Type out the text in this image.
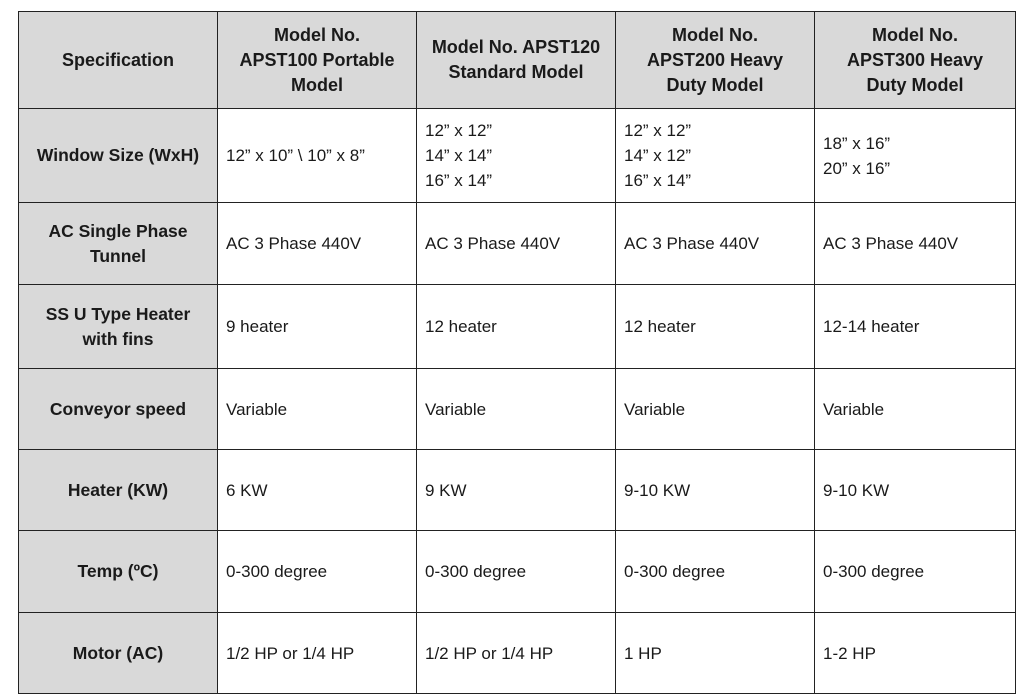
Specification	Model No.
APST100 Portable
Model	Model No. APST120
Standard Model	Model No.
APST200 Heavy
Duty Model	Model No.
APST300 Heavy
Duty Model

Window Size (WxH)	12” x 10” \ 10” x 8”	12” x 12”
14” x 14”
16” x 14”	12” x 12”
14” x 12”
16” x 14”	18” x 16”
20” x 16”

AC Single Phase
Tunnel	AC 3 Phase 440V	AC 3 Phase 440V	AC 3 Phase 440V	AC 3 Phase 440V

SS U Type Heater
with fins	9 heater	12 heater	12 heater	12-14 heater

Conveyor speed	Variable	Variable	Variable	Variable

Heater (KW)	6 KW	9 KW	9-10 KW	9-10 KW

Temp (ºC)	0-300 degree	0-300 degree	0-300 degree	0-300 degree

Motor (AC)	1/2 HP or 1/4 HP	1/2 HP or 1/4 HP	1 HP	1-2 HP
